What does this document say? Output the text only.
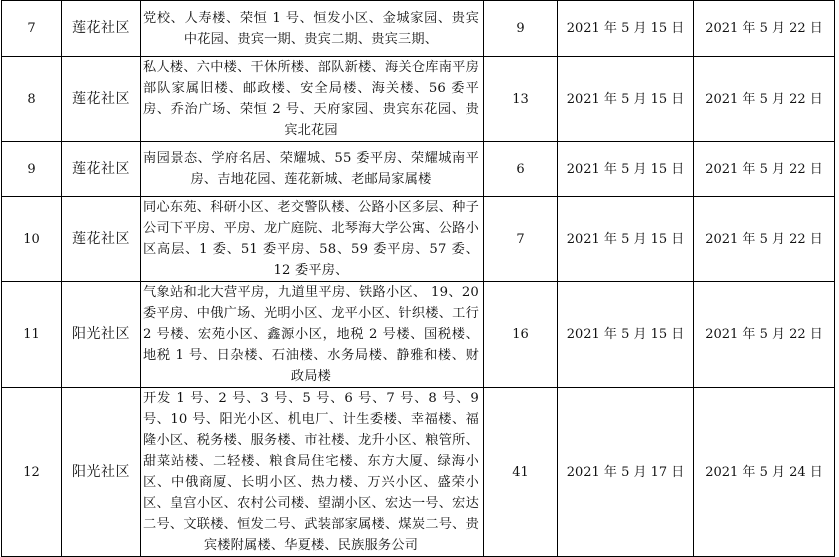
7	莲花社区	党校、人寿楼、荣恒 1 号、恒发小区、金城家园、贵宾中花园、贵宾一期、贵宾二期、贵宾三期、	9	2021 年 5 月 15 日	2021 年 5 月 22 日
8	莲花社区	私人楼、六中楼、干休所楼、部队新楼、海关仓库南平房 部队家属旧楼、邮政楼、安全局楼、海关楼、56 委平房、乔治广场、荣恒 2 号、天府家园、贵宾东花园、贵宾北花园	13	2021 年 5 月 15 日	2021 年 5 月 22 日
9	莲花社区	南园景态、学府名居、荣耀城、55 委平房、荣耀城南平房、吉地花园、莲花新城、老邮局家属楼	6	2021 年 5 月 15 日	2021 年 5 月 22 日
10	莲花社区	同心东苑、科研小区、老交警队楼、公路小区多层、种子公司下平房、平房、龙广庭院、北琴海大学公寓、公路小区高层、1 委、51 委平房、58、59 委平房、57 委、12 委平房、	7	2021 年 5 月 15 日	2021 年 5 月 22 日
11	阳光社区	气象站和北大营平房，九道里平房、铁路小区、 19、20 委平房、中俄广场、光明小区、龙平小区、针织楼、工行 2 号楼、宏苑小区、鑫源小区，地税 2 号楼、国税楼、地税 1 号、日杂楼、石油楼、水务局楼、静雅和楼、财政局楼	16	2021 年 5 月 15 日	2021 年 5 月 22 日
12	阳光社区	开发 1 号、2 号、3 号、5 号、6 号、7 号、8 号、9 号、10 号、阳光小区、机电厂、计生委楼、幸福楼、福隆小区、税务楼、服务楼、市社楼、龙升小区、粮管所、甜菜站楼、二轻楼、粮食局住宅楼、东方大厦、绿海小区、中俄商厦、长明小区、热力楼、万兴小区、盛荣小区、皇宫小区、农村公司楼、望湖小区、宏达一号、宏达二号、文联楼、恒发二号、武装部家属楼、煤炭二号、贵宾楼附属楼、华夏楼、民族服务公司	41	2021 年 5 月 17 日	2021 年 5 月 24 日
